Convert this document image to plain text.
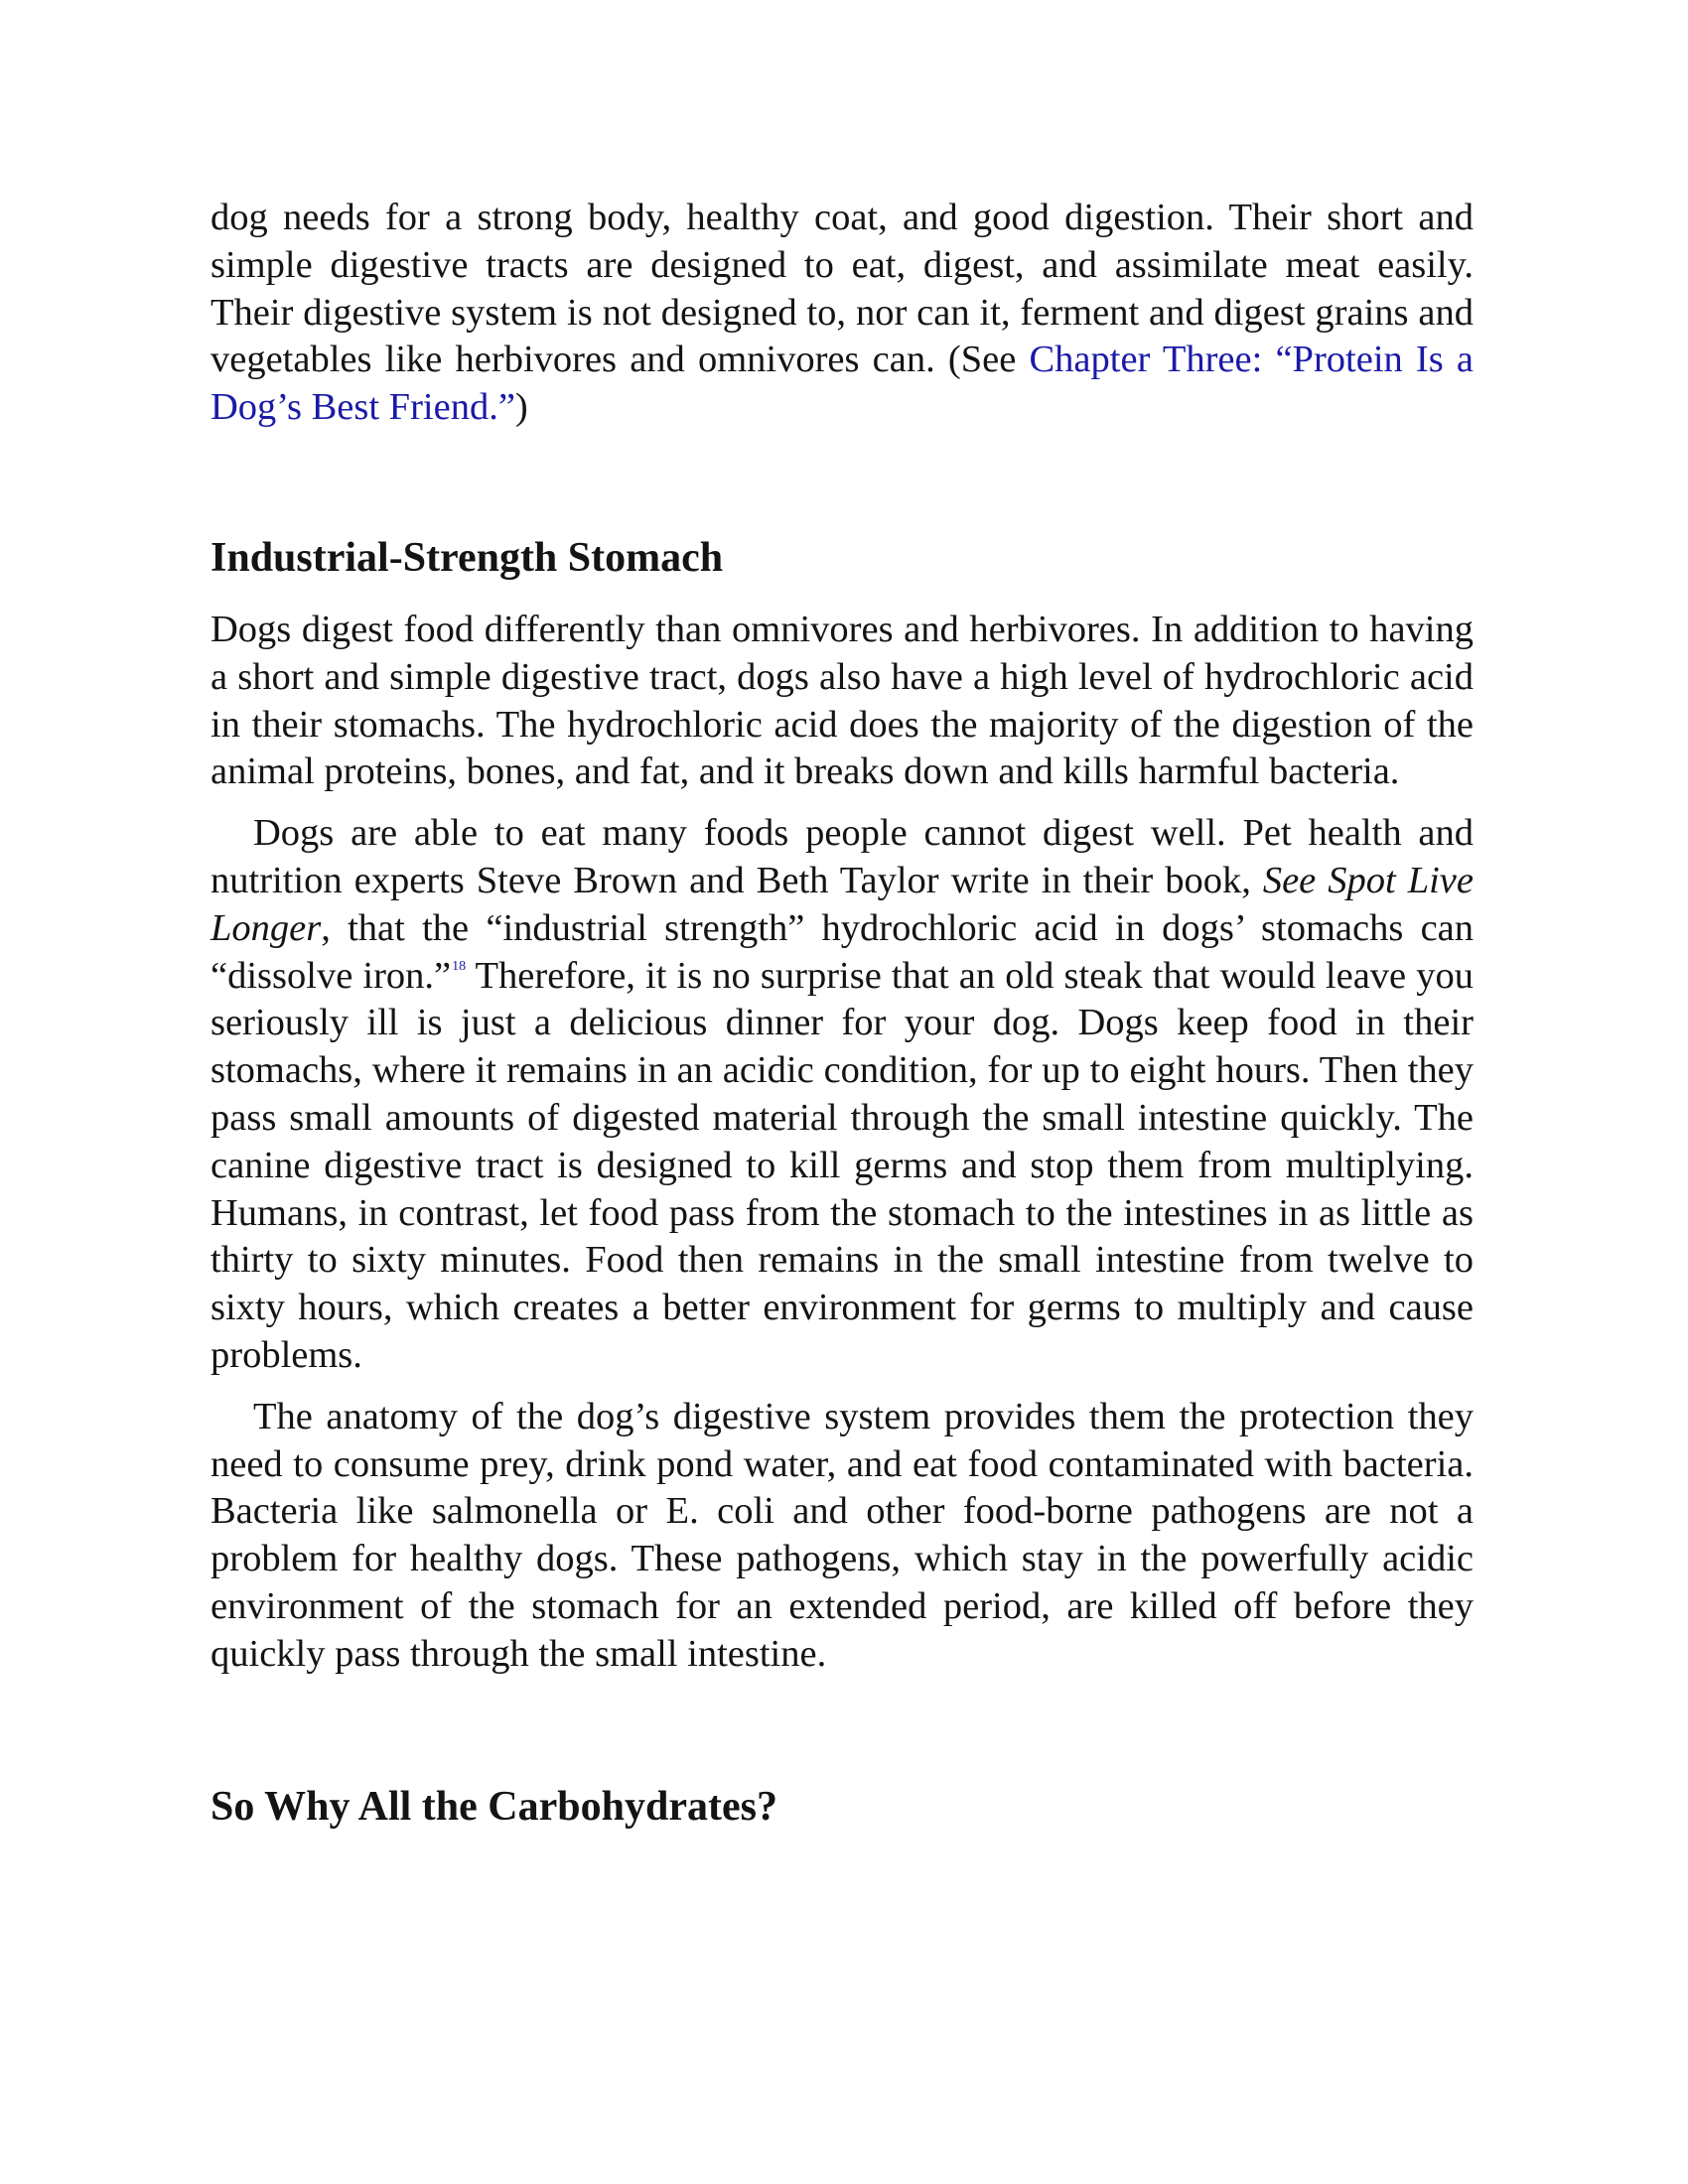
dog needs for a strong body, healthy coat, and good digestion. Their short and simple digestive tracts are designed to eat, digest, and assimilate meat easily. Their digestive system is not designed to, nor can it, ferment and digest grains and vegetables like herbivores and omnivores can. (See Chapter Three: “Protein Is a Dog’s Best Friend.”)

Industrial-Strength Stomach

Dogs digest food differently than omnivores and herbivores. In addition to having a short and simple digestive tract, dogs also have a high level of hydrochloric acid in their stomachs. The hydrochloric acid does the majority of the digestion of the animal proteins, bones, and fat, and it breaks down and kills harmful bacteria.

Dogs are able to eat many foods people cannot digest well. Pet health and nutrition experts Steve Brown and Beth Taylor write in their book, See Spot Live Longer, that the “industrial strength” hydrochloric acid in dogs’ stomachs can “dissolve iron.”$^{18}$ Therefore, it is no surprise that an old steak that would leave you seriously ill is just a delicious dinner for your dog. Dogs keep food in their stomachs, where it remains in an acidic condition, for up to eight hours. Then they pass small amounts of digested material through the small intestine quickly. The canine digestive tract is designed to kill germs and stop them from multiplying. Humans, in contrast, let food pass from the stomach to the intestines in as little as thirty to sixty minutes. Food then remains in the small intestine from twelve to sixty hours, which creates a better environment for germs to multiply and cause problems.

The anatomy of the dog’s digestive system provides them the protection they need to consume prey, drink pond water, and eat food contaminated with bacteria. Bacteria like salmonella or E. coli and other food-borne pathogens are not a problem for healthy dogs. These pathogens, which stay in the powerfully acidic environment of the stomach for an extended period, are killed off before they quickly pass through the small intestine.

So Why All the Carbohydrates?
